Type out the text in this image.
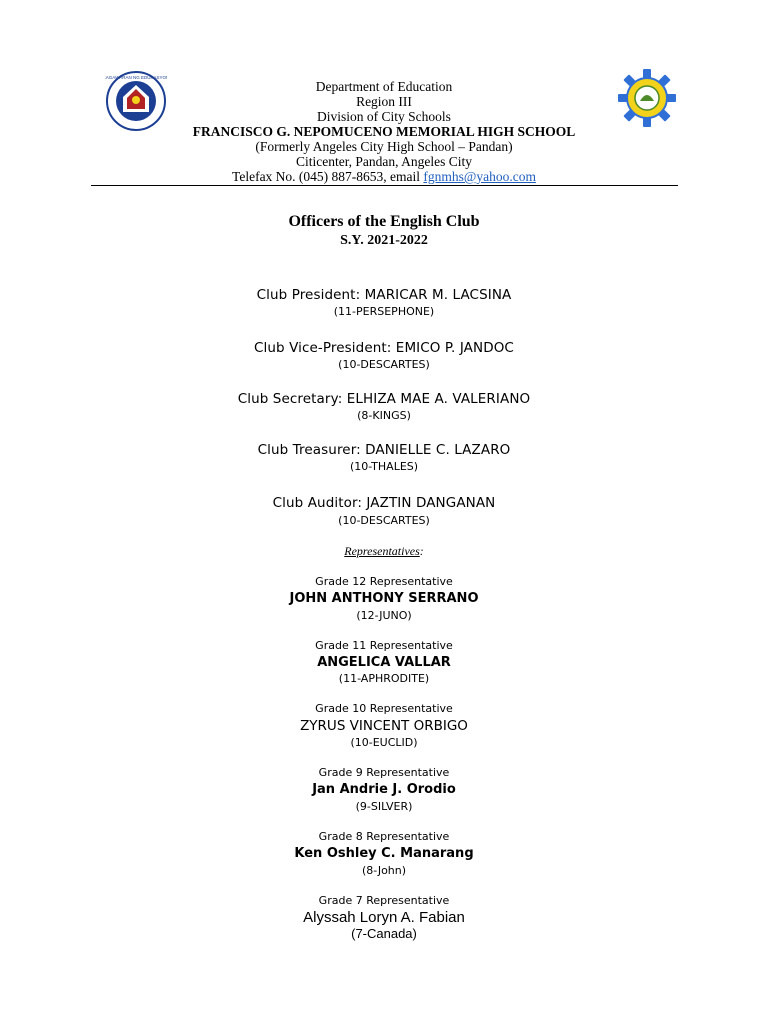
KAGAWARAN NG EDUKASYON
Department of Education
Region III
Division of City Schools
FRANCISCO G. NEPOMUCENO MEMORIAL HIGH SCHOOL
(Formerly Angeles City High School – Pandan)
Citicenter, Pandan, Angeles City
Telefax No. (045) 887-8653, email fgnmhs@yahoo.com
Officers of the English Club
S.Y. 2021-2022
Club President: MARICAR M. LACSINA
(11-PERSEPHONE)
Club Vice-President: EMICO P. JANDOC
(10-DESCARTES)
Club Secretary: ELHIZA MAE A. VALERIANO
(8-KINGS)
Club Treasurer: DANIELLE C. LAZARO
(10-THALES)
Club Auditor: JAZTIN DANGANAN
(10-DESCARTES)
Representatives:
Grade 12 Representative
JOHN ANTHONY SERRANO
(12-JUNO)
Grade 11 Representative
ANGELICA VALLAR
(11-APHRODITE)
Grade 10 Representative
ZYRUS VINCENT ORBIGO
(10-EUCLID)
Grade 9 Representative
Jan Andrie J. Orodio
(9-SILVER)
Grade 8 Representative
Ken Oshley C. Manarang
(8-John)
Grade 7 Representative
Alyssah Loryn A. Fabian
(7-Canada)
